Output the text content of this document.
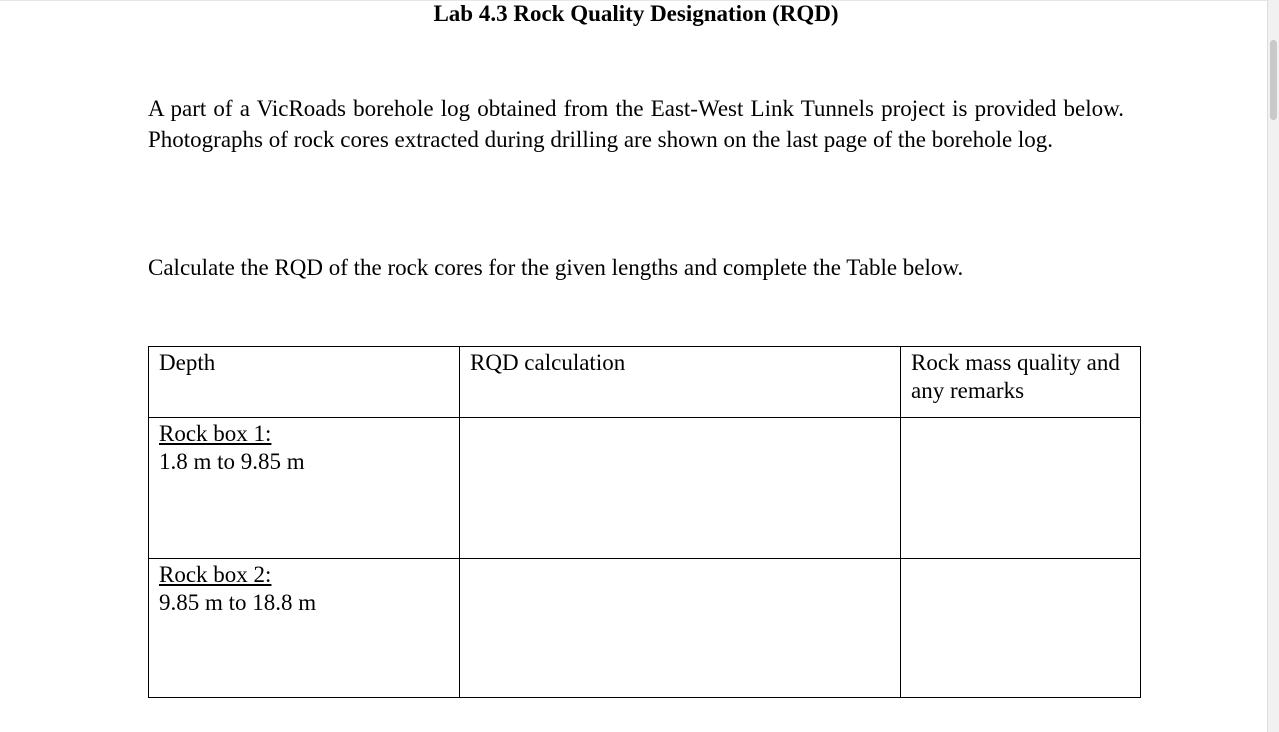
Lab 4.3 Rock Quality Designation (RQD)
A part of a VicRoads borehole log obtained from the East-West Link Tunnels project is provided below. Photographs of rock cores extracted during drilling are shown on the last page of the borehole log.
Calculate the RQD of the rock cores for the given lengths and complete the Table below.
Depth	RQD calculation	Rock mass quality and any remarks

Rock box 1:
1.8 m to 9.85 m		

Rock box 2:
9.85 m to 18.8 m		
